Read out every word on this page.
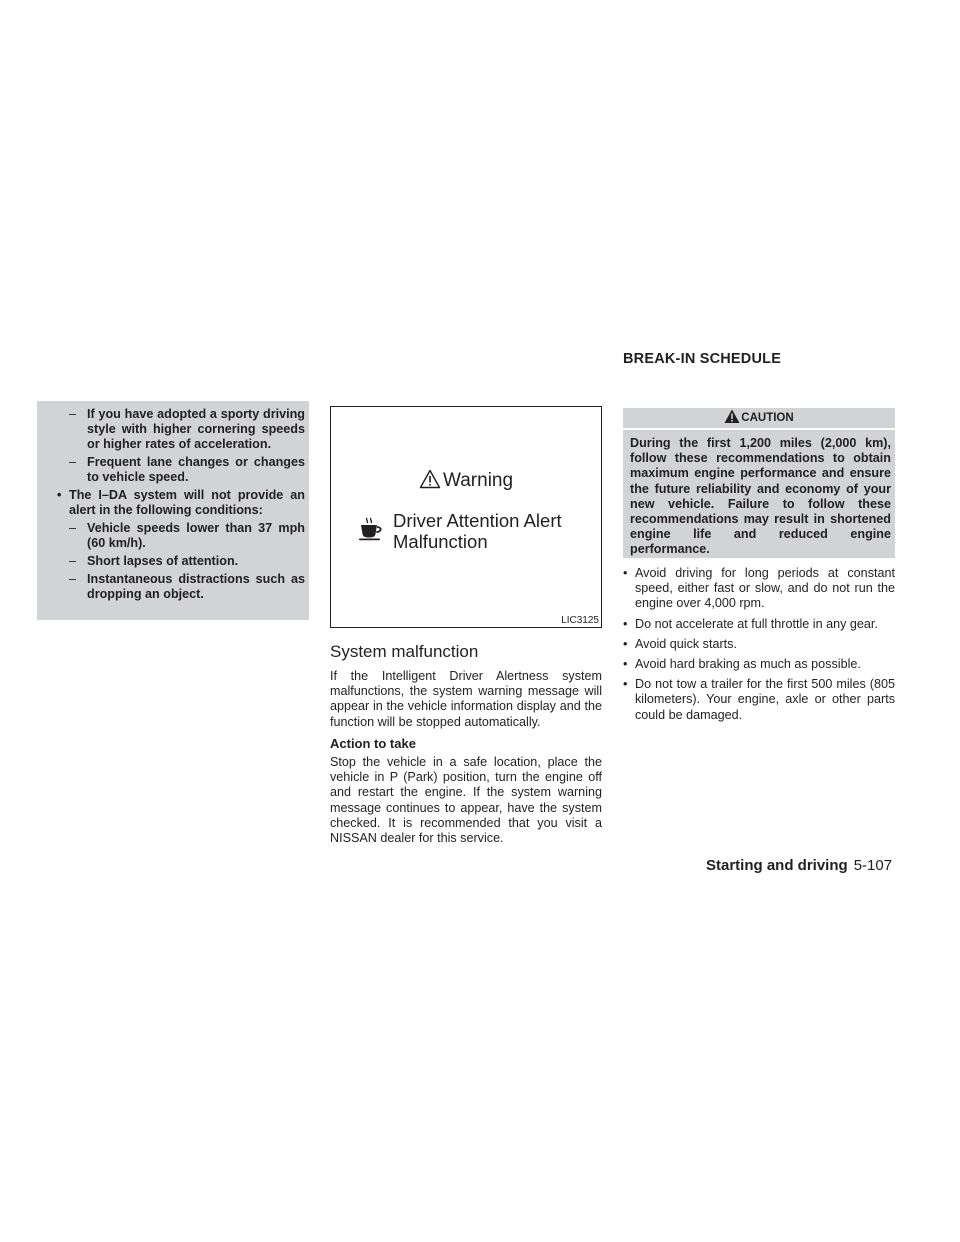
– If you have adopted a sporty driving style with higher cornering speeds or higher rates of acceleration.
– Frequent lane changes or changes to vehicle speed.
• The I–DA system will not provide an alert in the following conditions:
– Vehicle speeds lower than 37 mph (60 km/h).
– Short lapses of attention.
– Instantaneous distractions such as dropping an object.
Warning
Driver Attention Alert
Malfunction
LIC3125
System malfunction

If the Intelligent Driver Alertness system malfunctions, the system warning message will appear in the vehicle information display and the function will be stopped automatically.

Action to take

Stop the vehicle in a safe location, place the vehicle in P (Park) position, turn the engine off and restart the engine. If the system warning message continues to appear, have the system checked. It is recommended that you visit a NISSAN dealer for this service.

BREAK-IN SCHEDULE
CAUTION
During the first 1,200 miles (2,000 km), follow these recommendations to obtain maximum engine performance and ensure the future reliability and economy of your new vehicle. Failure to follow these recommendations may result in shortened engine life and reduced engine performance.
• Avoid driving for long periods at constant speed, either fast or slow, and do not run the engine over 4,000 rpm.
• Do not accelerate at full throttle in any gear.
• Avoid quick starts.
• Avoid hard braking as much as possible.
• Do not tow a trailer for the first 500 miles (805 kilometers). Your engine, axle or other parts could be damaged.
Starting and driving 5-107
